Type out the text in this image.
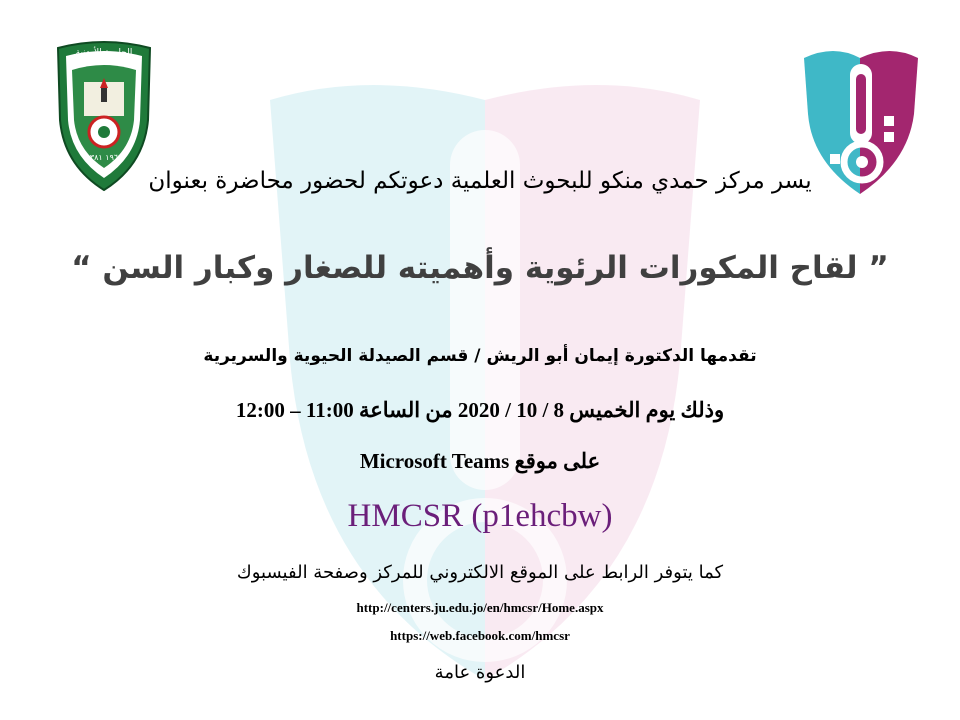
الجامعة الأردنية
١٩٦٢ ١٣٨١
يسر مركز حمدي منكو للبحوث العلمية دعوتكم لحضور محاضرة بعنوان
” لقاح المكورات الرئوية وأهميته للصغار وكبار السن “
تقدمها الدكتورة إيمان أبو الريش / قسم الصيدلة الحيوية والسريرية
وذلك يوم الخميس 8 / 10 / 2020 من الساعة 11:00 – 12:00
على موقع Microsoft Teams
HMCSR (p1ehcbw)
كما يتوفر الرابط على الموقع الالكتروني للمركز وصفحة الفيسبوك
http://centers.ju.edu.jo/en/hmcsr/Home.aspx
https://web.facebook.com/hmcsr
الدعوة عامة
